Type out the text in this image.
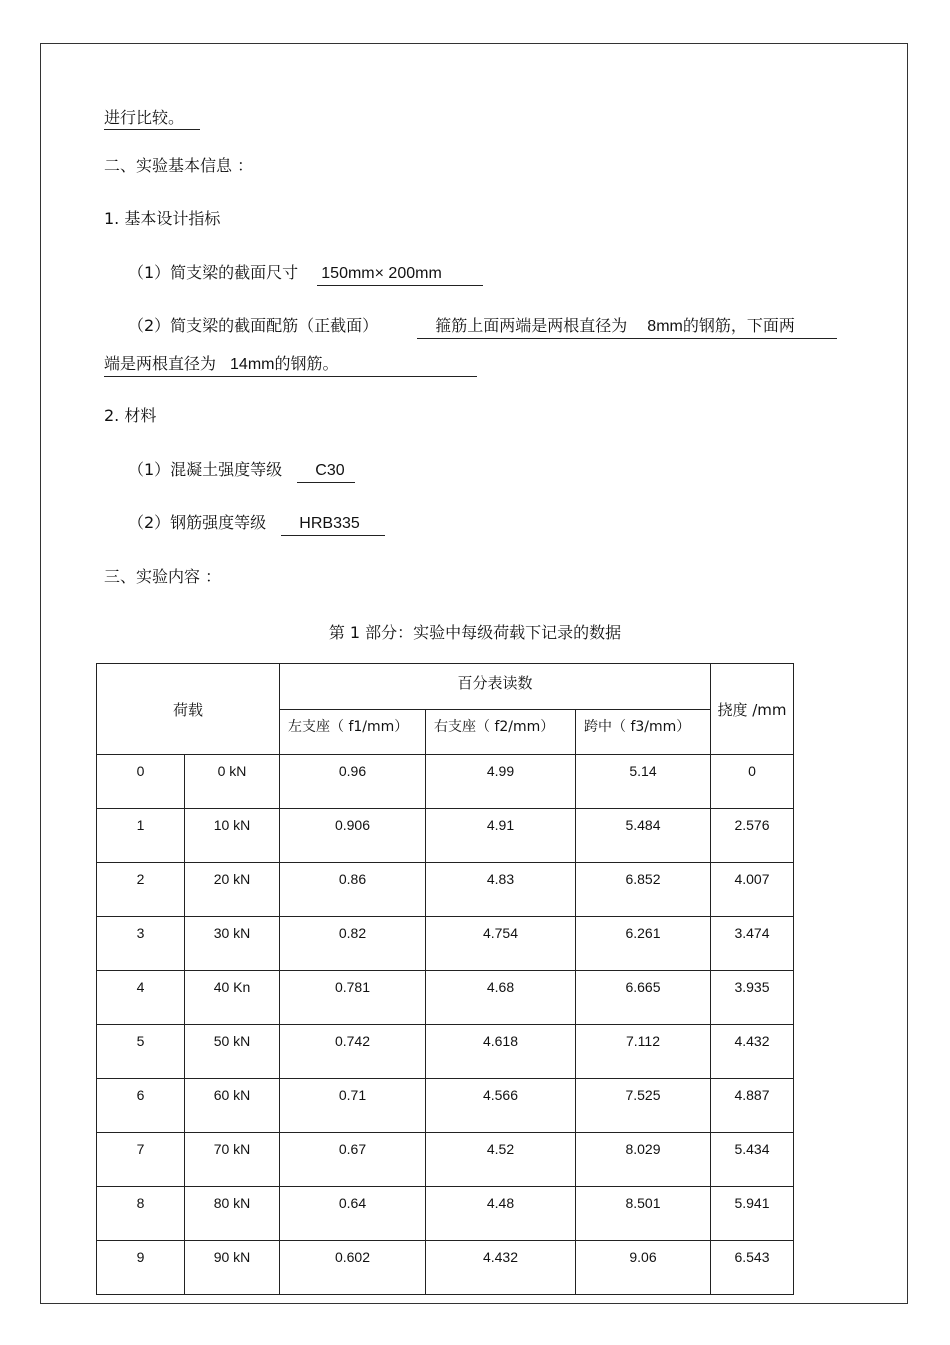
进行比较。
二、实验基本信息 ：
1. 基本设计指标
（1）简支梁的截面尺寸 150mm× 200mm
（2）简支梁的截面配筋（正截面）	箍筋上面两端是两根直径为 8mm的钢筋，下面两
端是两根直径为 14mm的钢筋。
2. 材料
（1）混凝土强度等级 C30
（2）钢筋强度等级 HRB335
三、实验内容 ：
第 1 部分：实验中每级荷载下记录的数据
荷载		百分表读数			挠度 /mm
		左支座（ f1/mm）	右支座（ f2/mm）	跨中（ f3/mm）	
0	0 kN	0.96	4.99	5.14	0
1	10 kN	0.906	4.91	5.484	2.576
2	20 kN	0.86	4.83	6.852	4.007
3	30 kN	0.82	4.754	6.261	3.474
4	40 Kn	0.781	4.68	6.665	3.935
5	50 kN	0.742	4.618	7.112	4.432
6	60 kN	0.71	4.566	7.525	4.887
7	70 kN	0.67	4.52	8.029	5.434
8	80 kN	0.64	4.48	8.501	5.941
9	90 kN	0.602	4.432	9.06	6.543
